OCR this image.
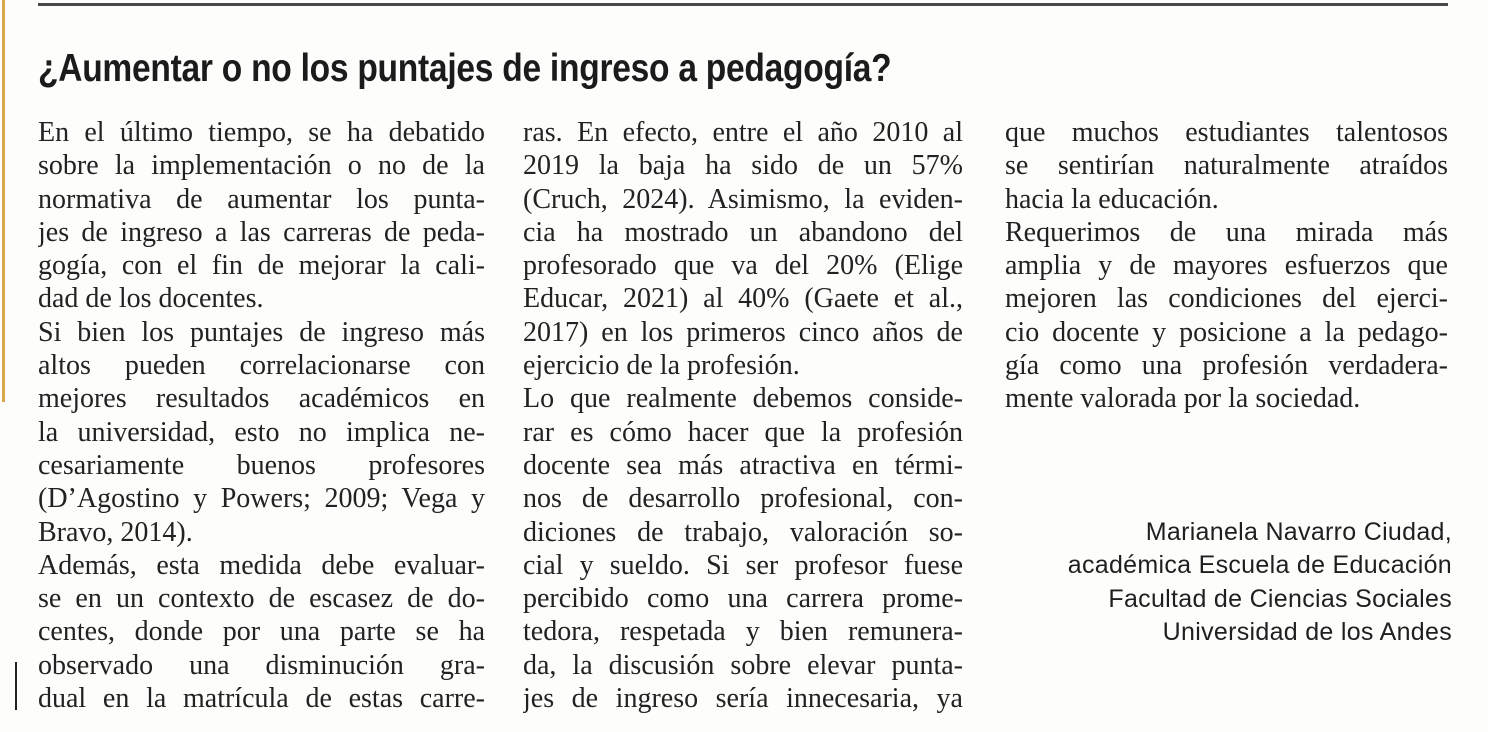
¿Aumentar o no los puntajes de ingreso a pedagogía?
En el último tiempo, se ha debatido
sobre la implementación o no de la
normativa de aumentar los punta-
jes de ingreso a las carreras de peda-
gogía, con el fin de mejorar la cali-
dad de los docentes.
Si bien los puntajes de ingreso más
altos pueden correlacionarse con
mejores resultados académicos en
la universidad, esto no implica ne-
cesariamente buenos profesores
(D’Agostino y Powers; 2009; Vega y
Bravo, 2014).
Además, esta medida debe evaluar-
se en un contexto de escasez de do-
centes, donde por una parte se ha
observado una disminución gra-
dual en la matrícula de estas carre-
ras. En efecto, entre el año 2010 al
2019 la baja ha sido de un 57%
(Cruch, 2024). Asimismo, la eviden-
cia ha mostrado un abandono del
profesorado que va del 20% (Elige
Educar, 2021) al 40% (Gaete et al.,
2017) en los primeros cinco años de
ejercicio de la profesión.
Lo que realmente debemos conside-
rar es cómo hacer que la profesión
docente sea más atractiva en térmi-
nos de desarrollo profesional, con-
diciones de trabajo, valoración so-
cial y sueldo. Si ser profesor fuese
percibido como una carrera prome-
tedora, respetada y bien remunera-
da, la discusión sobre elevar punta-
jes de ingreso sería innecesaria, ya
que muchos estudiantes talentosos
se sentirían naturalmente atraídos
hacia la educación.
Requerimos de una mirada más
amplia y de mayores esfuerzos que
mejoren las condiciones del ejerci-
cio docente y posicione a la pedago-
gía como una profesión verdadera-
mente valorada por la sociedad.
Marianela Navarro Ciudad,
académica Escuela de Educación
Facultad de Ciencias Sociales
Universidad de los Andes
